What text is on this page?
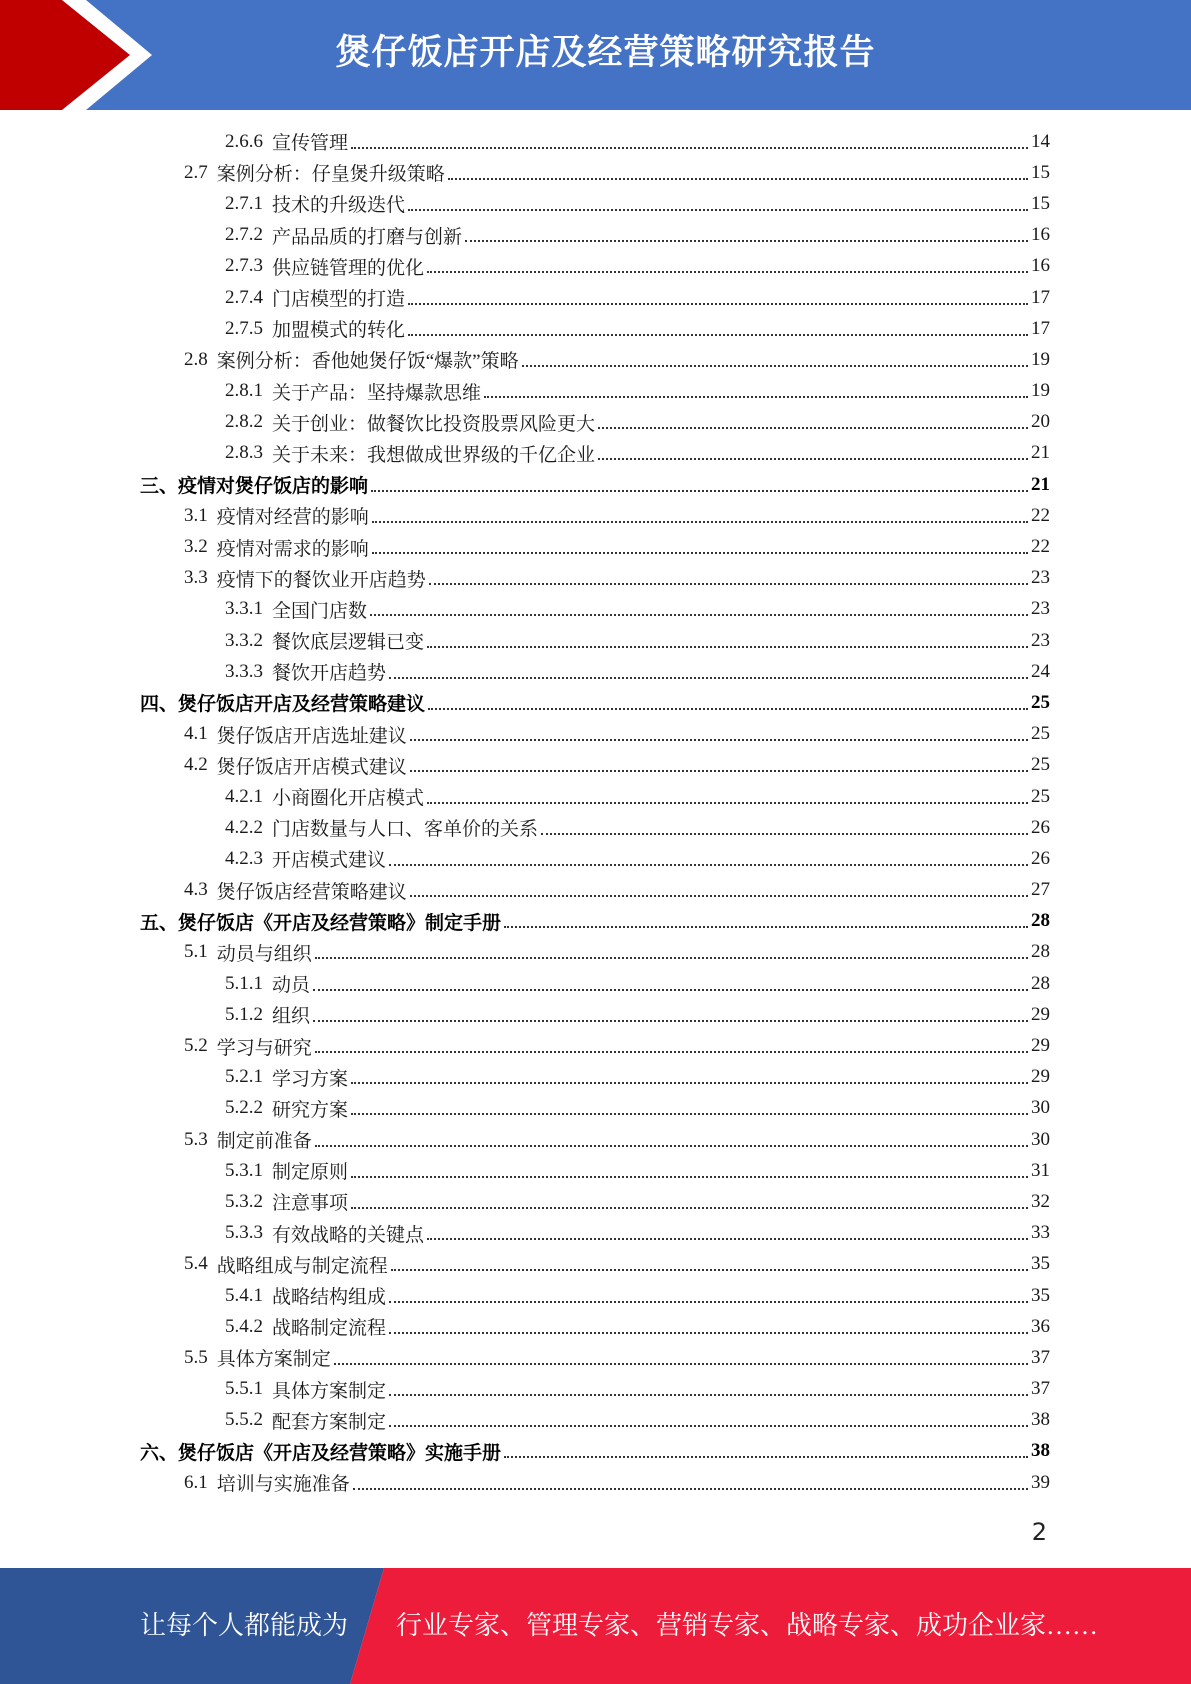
煲仔饭店开店及经营策略研究报告
2.6.6 宣传管理	14
2.7 案例分析：仔皇煲升级策略	15
2.7.1 技术的升级迭代	15
2.7.2 产品品质的打磨与创新	16
2.7.3 供应链管理的优化	16
2.7.4 门店模型的打造	17
2.7.5 加盟模式的转化	17
2.8 案例分析：香他她煲仔饭“爆款”策略	19
2.8.1 关于产品：坚持爆款思维	19
2.8.2 关于创业：做餐饮比投资股票风险更大	20
2.8.3 关于未来：我想做成世界级的千亿企业	21
三、 疫情对煲仔饭店的影响	21
3.1 疫情对经营的影响	22
3.2 疫情对需求的影响	22
3.3 疫情下的餐饮业开店趋势	23
3.3.1 全国门店数	23
3.3.2 餐饮底层逻辑已变	23
3.3.3 餐饮开店趋势	24
四、 煲仔饭店开店及经营策略建议	25
4.1 煲仔饭店开店选址建议	25
4.2 煲仔饭店开店模式建议	25
4.2.1 小商圈化开店模式	25
4.2.2 门店数量与人口、客单价的关系	26
4.2.3 开店模式建议	26
4.3 煲仔饭店经营策略建议	27
五、 煲仔饭店《开店及经营策略》制定手册	28
5.1 动员与组织	28
5.1.1 动员	28
5.1.2 组织	29
5.2 学习与研究	29
5.2.1 学习方案	29
5.2.2 研究方案	30
5.3 制定前准备	30
5.3.1 制定原则	31
5.3.2 注意事项	32
5.3.3 有效战略的关键点	33
5.4 战略组成与制定流程	35
5.4.1 战略结构组成	35
5.4.2 战略制定流程	36
5.5 具体方案制定	37
5.5.1 具体方案制定	37
5.5.2 配套方案制定	38
六、 煲仔饭店《开店及经营策略》实施手册	38
6.1 培训与实施准备	39
2
让每个人都能成为 行业专家、管理专家、营销专家、战略专家、成功企业家……
